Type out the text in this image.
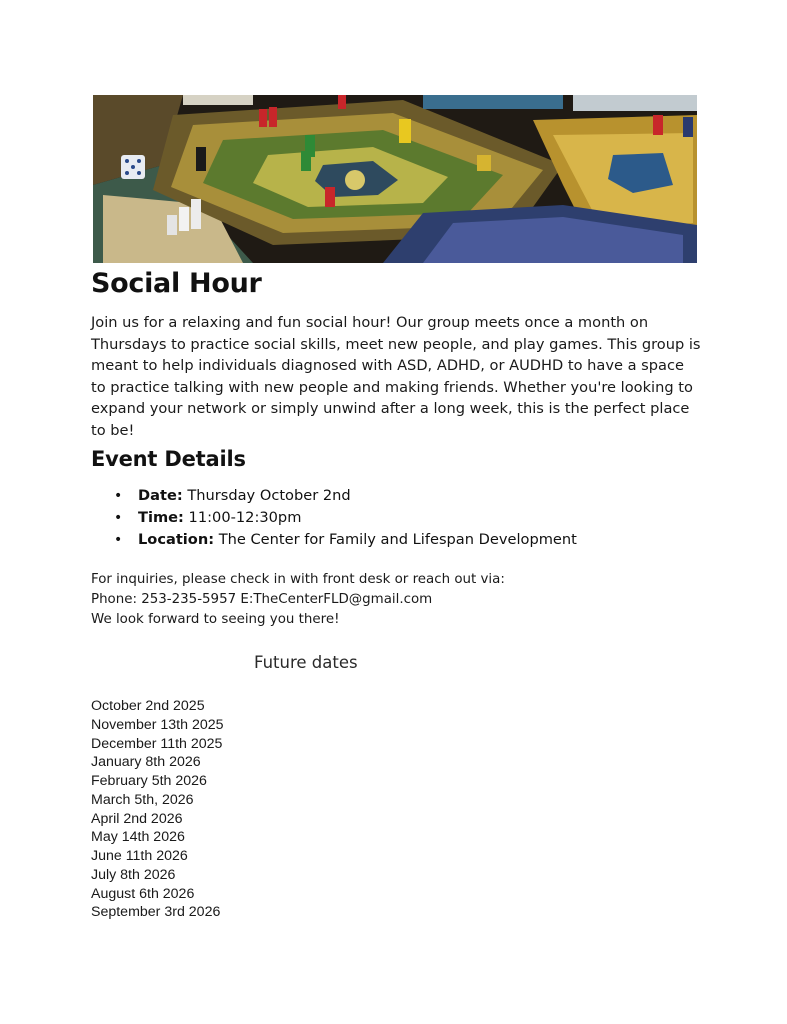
Social Hour

Join us for a relaxing and fun social hour! Our group meets once a month on Thursdays to practice social skills, meet new people, and play games. This group is meant to help individuals diagnosed with ASD, ADHD, or AUDHD to have a space to practice talking with new people and making friends. Whether you're looking to expand your network or simply unwind after a long week, this is the perfect place to be!

Event Details
• Date: Thursday October 2nd
• Time: 11:00-12:30pm
• Location: The Center for Family and Lifespan Development
For inquiries, please check in with front desk or reach out via:
Phone: 253-235-5957 E:TheCenterFLD@gmail.com
We look forward to seeing you there!
Future dates
October 2nd 2025
November 13th 2025
December 11th 2025
January 8th 2026
February 5th 2026
March 5th, 2026
April 2nd 2026
May 14th 2026
June 11th 2026
July 8th 2026
August 6th 2026
September 3rd 2026
